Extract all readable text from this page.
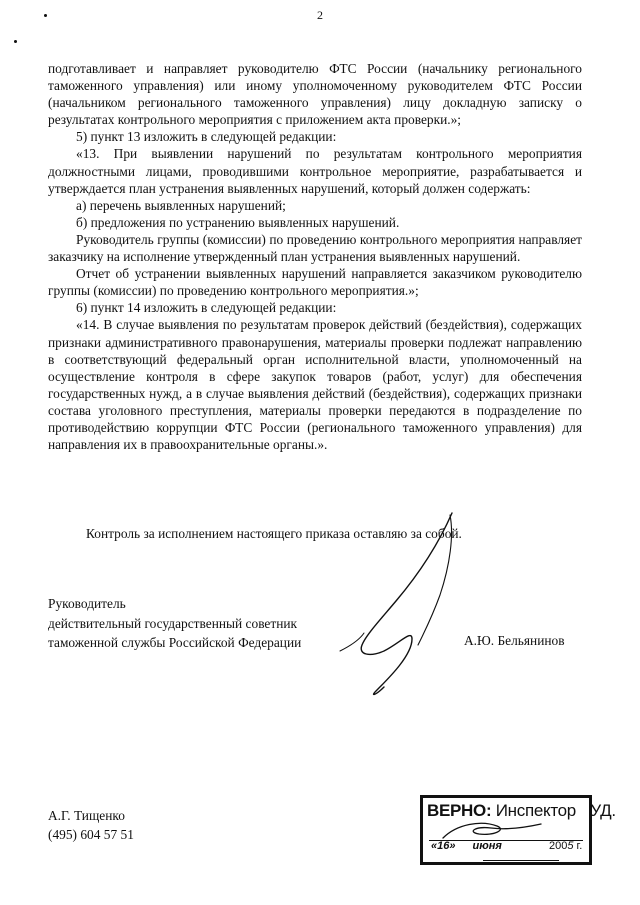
2

подготавливает и направляет руководителю ФТС России (начальнику регионального таможенного управления) или иному уполномоченному руководителем ФТС России (начальником регионального таможенного управления) лицу докладную записку о результатах контрольного мероприятия с приложением акта проверки.»;

5) пункт 13 изложить в следующей редакции:

«13. При выявлении нарушений по результатам контрольного мероприятия должностными лицами, проводившими контрольное мероприятие, разрабатывается и утверждается план устранения выявленных нарушений, который должен содержать:

а) перечень выявленных нарушений;

б) предложения по устранению выявленных нарушений.

Руководитель группы (комиссии) по проведению контрольного мероприятия направляет заказчику на исполнение утвержденный план устранения выявленных нарушений.

Отчет об устранении выявленных нарушений направляется заказчиком руководителю группы (комиссии) по проведению контрольного мероприятия.»;

6) пункт 14 изложить в следующей редакции:

«14. В случае выявления по результатам проверок действий (бездействия), содержащих признаки административного правонарушения, материалы проверки подлежат направлению в соответствующий федеральный орган исполнительной власти, уполномоченный на осуществление контроля в сфере закупок товаров (работ, услуг) для обеспечения государственных нужд, а в случае выявления действий (бездействия), содержащих признаки состава уголовного преступления, материалы проверки передаются в подразделение по противодействию коррупции ФТС России (регионального таможенного управления) для направления их в правоохранительные органы.».

Контроль за исполнением настоящего приказа оставляю за собой.
Руководитель
действительный государственный советник
таможенной службы Российской Федерации	А.Ю. Бельянинов
А.Г. Тищенко
(495) 604 57 51
ВЕРНО: Инспектор УД.
«16» июня	2005 г.
